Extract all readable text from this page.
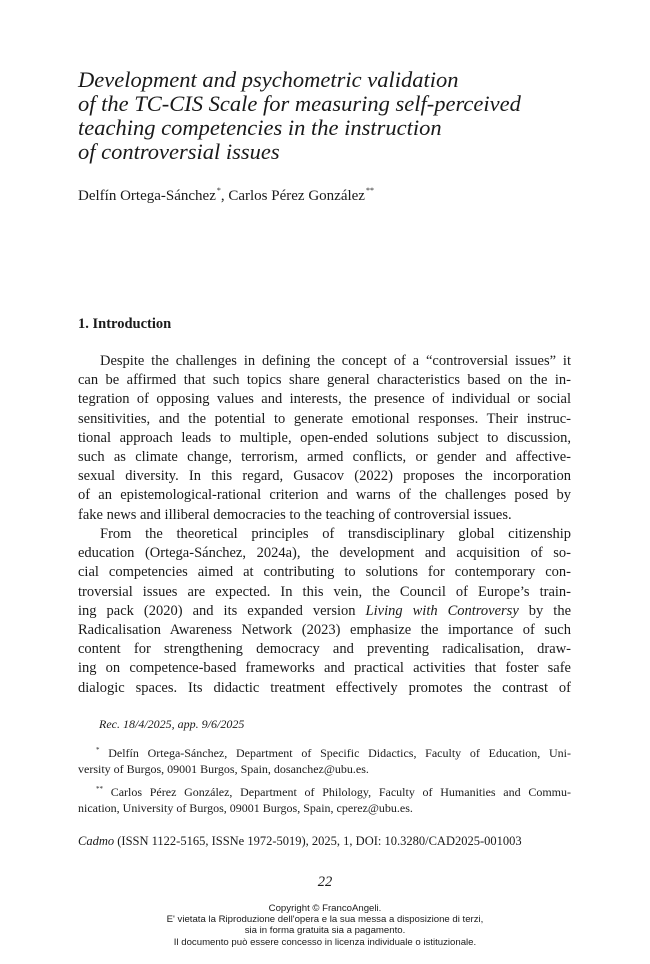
Development and psychometric validation
of the TC-CIS Scale for measuring self-perceived
teaching competencies in the instruction
of controversial issues
Delfín Ortega-Sánchez*, Carlos Pérez González**
1. Introduction
Despite the challenges in defining the concept of a “controversial issues” it
can be affirmed that such topics share general characteristics based on the in-
tegration of opposing values and interests, the presence of individual or social
sensitivities, and the potential to generate emotional responses. Their instruc-
tional approach leads to multiple, open-ended solutions subject to discussion,
such as climate change, terrorism, armed conflicts, or gender and affective-
sexual diversity. In this regard, Gusacov (2022) proposes the incorporation
of an epistemological-rational criterion and warns of the challenges posed by
fake news and illiberal democracies to the teaching of controversial issues.
From the theoretical principles of transdisciplinary global citizenship
education (Ortega-Sánchez, 2024a), the development and acquisition of so-
cial competencies aimed at contributing to solutions for contemporary con-
troversial issues are expected. In this vein, the Council of Europe’s train-
ing pack (2020) and its expanded version Living with Controversy by the
Radicalisation Awareness Network (2023) emphasize the importance of such
content for strengthening democracy and preventing radicalisation, draw-
ing on competence-based frameworks and practical activities that foster safe
dialogic spaces. Its didactic treatment effectively promotes the contrast of
Rec. 18/4/2025, app. 9/6/2025
* Delfín Ortega-Sánchez, Department of Specific Didactics, Faculty of Education, Uni-
versity of Burgos, 09001 Burgos, Spain, dosanchez@ubu.es.
** Carlos Pérez González, Department of Philology, Faculty of Humanities and Commu-
nication, University of Burgos, 09001 Burgos, Spain, cperez@ubu.es.
Cadmo (ISSN 1122-5165, ISSNe 1972-5019), 2025, 1, DOI: 10.3280/CAD2025-001003
22
Copyright © FrancoAngeli.
E' vietata la Riproduzione dell'opera e la sua messa a disposizione di terzi,
sia in forma gratuita sia a pagamento.
Il documento può essere concesso in licenza individuale o istituzionale.
